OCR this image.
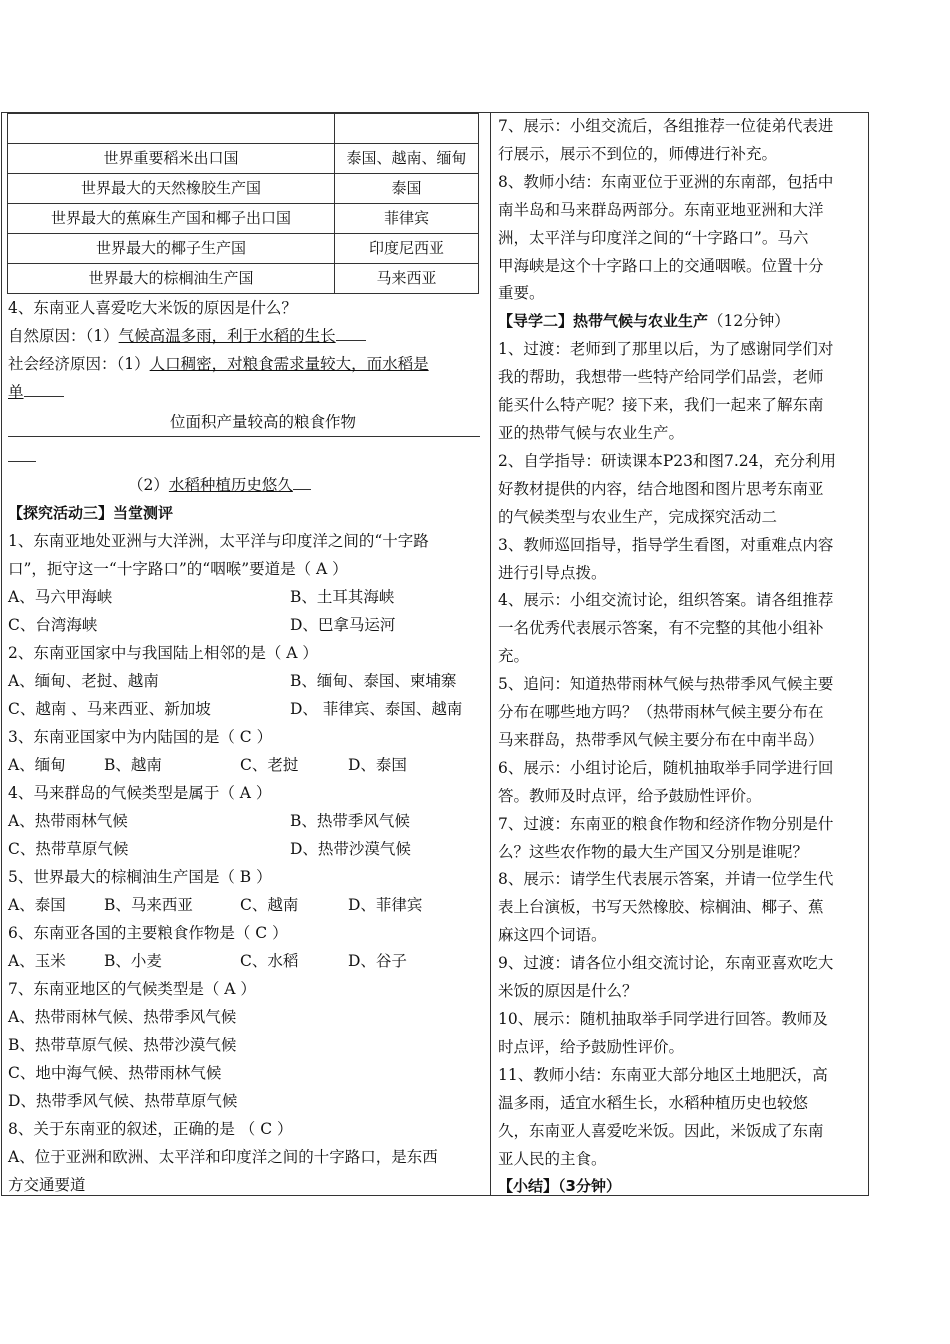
世界重要稻米出口国	泰国、越南、缅甸
世界最大的天然橡胶生产国	泰国
世界最大的蕉麻生产国和椰子出口国	菲律宾
世界最大的椰子生产国	印度尼西亚
世界最大的棕榈油生产国	马来西亚

4、东南亚人喜爱吃大米饭的原因是什么？

自然原因：（1）气候高温多雨，利于水稻的生长

社会经济原因：（1）人口稠密，对粮食需求量较大，而水稻是

单

位面积产量较高的粮食作物

（2）水稻种植历史悠久

【探究活动三】当堂测评

1、东南亚地处亚洲与大洋洲，太平洋与印度洋之间的“十字路

口”，扼守这一“十字路口”的“咽喉”要道是（ A ）

A、马六甲海峡	B、土耳其海峡
C、台湾海峡	D、巴拿马运河

2、东南亚国家中与我国陆上相邻的是（ A ）

A、缅甸、老挝、越南	B、缅甸、泰国、柬埔寨
C、越南 、马来西亚、新加坡	D、 菲律宾、泰国、越南

3、东南亚国家中为内陆国的是（ C ）

A、缅甸	B、越南	C、老挝	D、泰国

4、马来群岛的气候类型是属于（ A ）

A、热带雨林气候	B、热带季风气候
C、热带草原气候	D、热带沙漠气候

5、世界最大的棕榈油生产国是（ B ）

A、泰国	B、马来西亚	C、越南	D、菲律宾

6、东南亚各国的主要粮食作物是（ C ）

A、玉米	B、小麦	C、水稻	D、谷子

7、东南亚地区的气候类型是（ A ）

A、热带雨林气候、热带季风气候

B、热带草原气候、热带沙漠气候

C、地中海气候、热带雨林气候

D、热带季风气候、热带草原气候

8、关于东南亚的叙述，正确的是 （ C ）

A、位于亚洲和欧洲、太平洋和印度洋之间的十字路口，是东西

方交通要道

7、展示：小组交流后，各组推荐一位徒弟代表进

行展示，展示不到位的，师傅进行补充。

8、教师小结：东南亚位于亚洲的东南部，包括中

南半岛和马来群岛两部分。东南亚地亚洲和大洋

洲，太平洋与印度洋之间的“十字路口”。马六

甲海峡是这个十字路口上的交通咽喉。位置十分

重要。

【导学二】热带气候与农业生产（12分钟）

1、过渡：老师到了那里以后，为了感谢同学们对

我的帮助，我想带一些特产给同学们品尝，老师

能买什么特产呢？接下来，我们一起来了解东南

亚的热带气候与农业生产。

2、自学指导：研读课本P23和图7.24，充分利用

好教材提供的内容，结合地图和图片思考东南亚

的气候类型与农业生产，完成探究活动二

3、教师巡回指导，指导学生看图，对重难点内容

进行引导点拨。

4、展示：小组交流讨论，组织答案。请各组推荐

一名优秀代表展示答案，有不完整的其他小组补

充。

5、追问：知道热带雨林气候与热带季风气候主要

分布在哪些地方吗？（热带雨林气候主要分布在

马来群岛，热带季风气候主要分布在中南半岛）

6、展示：小组讨论后，随机抽取举手同学进行回

答。教师及时点评，给予鼓励性评价。

7、过渡：东南亚的粮食作物和经济作物分别是什

么？这些农作物的最大生产国又分别是谁呢？

8、展示：请学生代表展示答案，并请一位学生代

表上台演板，书写天然橡胶、棕榈油、椰子、蕉

麻这四个词语。

9、过渡：请各位小组交流讨论，东南亚喜欢吃大

米饭的原因是什么？

10、展示：随机抽取举手同学进行回答。教师及

时点评，给予鼓励性评价。

11、教师小结：东南亚大部分地区土地肥沃，高

温多雨，适宜水稻生长，水稻种植历史也较悠

久，东南亚人喜爱吃米饭。因此，米饭成了东南

亚人民的主食。

【小结】（3分钟）
